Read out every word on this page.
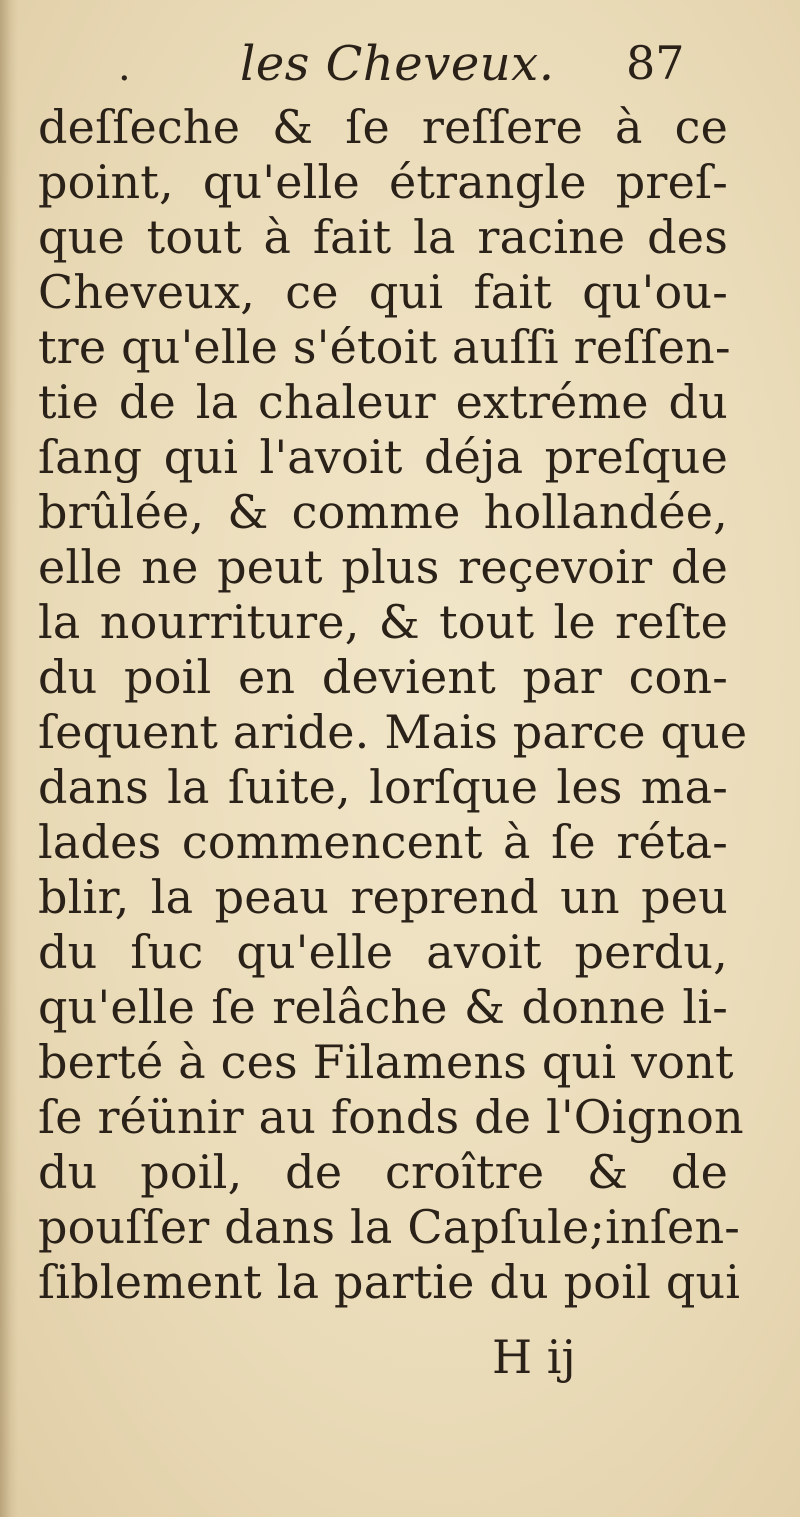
· les Cheveux. 87
deſſeche & ſe reſſere à ce
point, qu'elle étrangle preſ-
que tout à fait la racine des
Cheveux, ce qui fait qu'ou-
tre qu'elle s'étoit auſſi reſſen-
tie de la chaleur extréme du
ſang qui l'avoit déja preſque
brûlée, & comme hollandée,
elle ne peut plus reçevoir de
la nourriture, & tout le reſte
du poil en devient par con-
ſequent aride. Mais parce que
dans la ſuite, lorſque les ma-
lades commencent à ſe réta-
blir, la peau reprend un peu
du ſuc qu'elle avoit perdu,
qu'elle ſe relâche & donne li-
berté à ces Filamens qui vont
ſe réünir au fonds de l'Oignon
du poil, de croître & de
pouſſer dans la Capſule;inſen-
ſiblement la partie du poil qui
H ij
